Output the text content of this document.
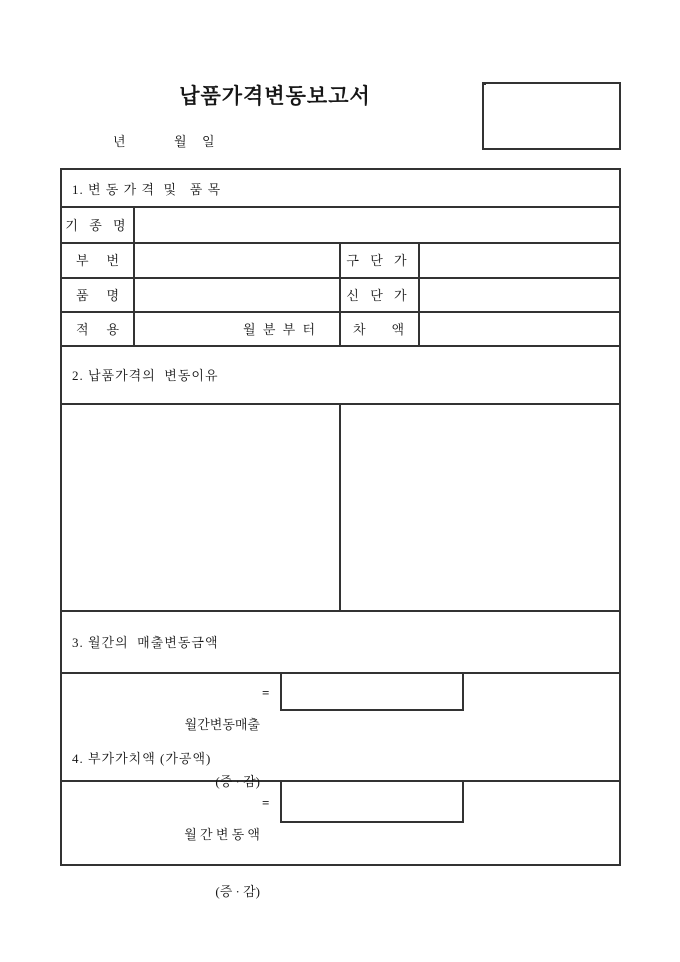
납품가격변동보고서
년	월 일
1. 변 동 가 격  및   품 목
기 종 명
부 번	구 단 가
품 명	신 단 가
적 용	월 분 부 터	차 액
2. 납품가격의  변동이유
3. 월간의  매출변동금액

월간변동매출

(증 · 감)

=
4. 부가가치액 (가공액)

월 간 변 동 액

(증 · 감)

=
